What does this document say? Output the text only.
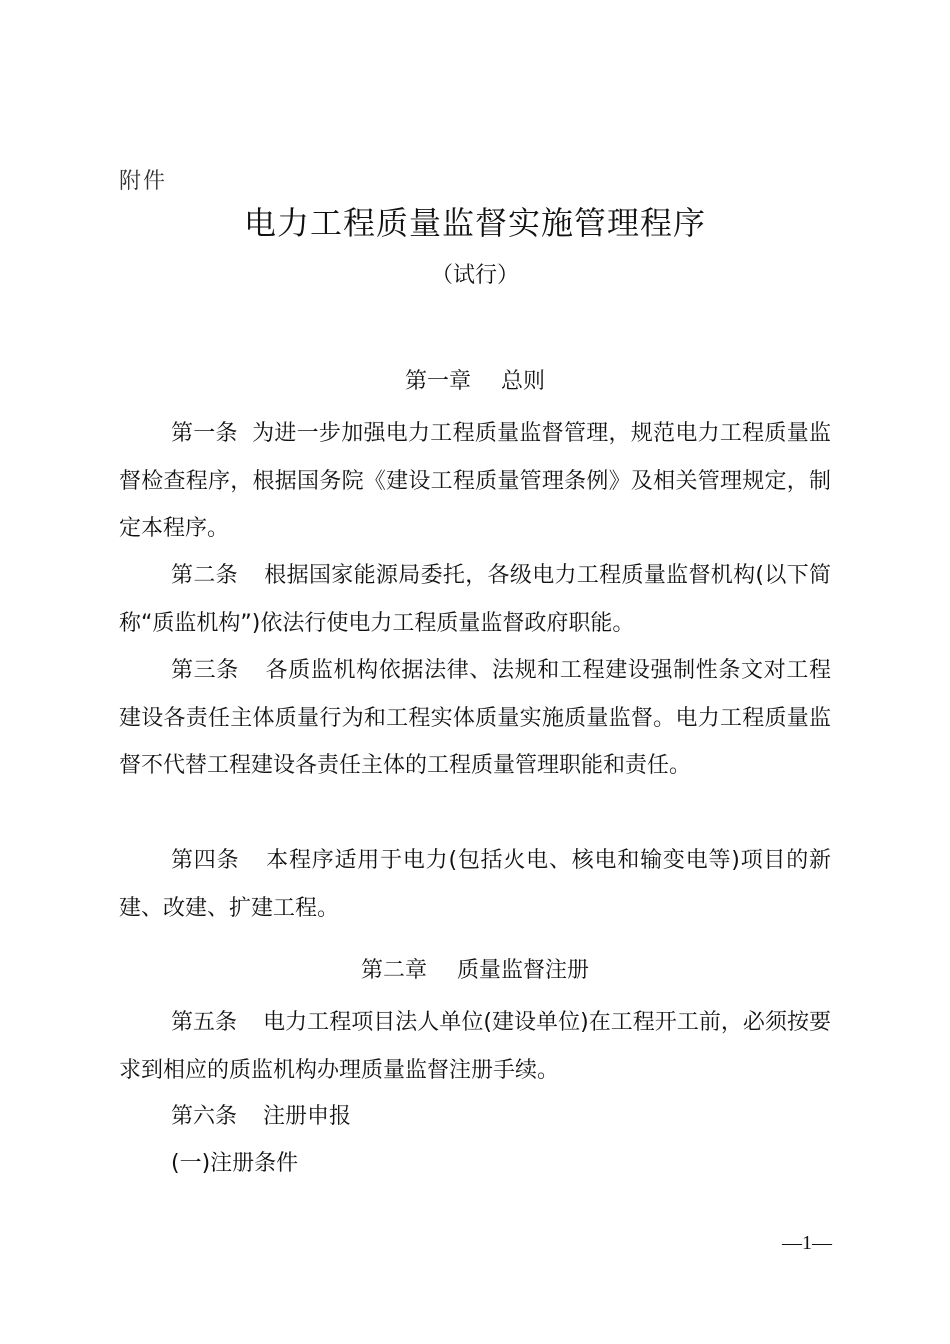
附件
电力工程质量监督实施管理程序
（试行）
第一章 总则

第一条 为进一步加强电力工程质量监督管理，规范电力工程质量监督检查程序，根据国务院《建设工程质量管理条例》及相关管理规定，制定本程序。

第二条 根据国家能源局委托，各级电力工程质量监督机构(以下简称“质监机构”)依法行使电力工程质量监督政府职能。

第三条 各质监机构依据法律、法规和工程建设强制性条文对工程建设各责任主体质量行为和工程实体质量实施质量监督。电力工程质量监督不代替工程建设各责任主体的工程质量管理职能和责任。

第四条 本程序适用于电力(包括火电、核电和输变电等)项目的新建、改建、扩建工程。

第二章 质量监督注册

第五条 电力工程项目法人单位(建设单位)在工程开工前，必须按要求到相应的质监机构办理质量监督注册手续。

第六条 注册申报

(一)注册条件

—1—
